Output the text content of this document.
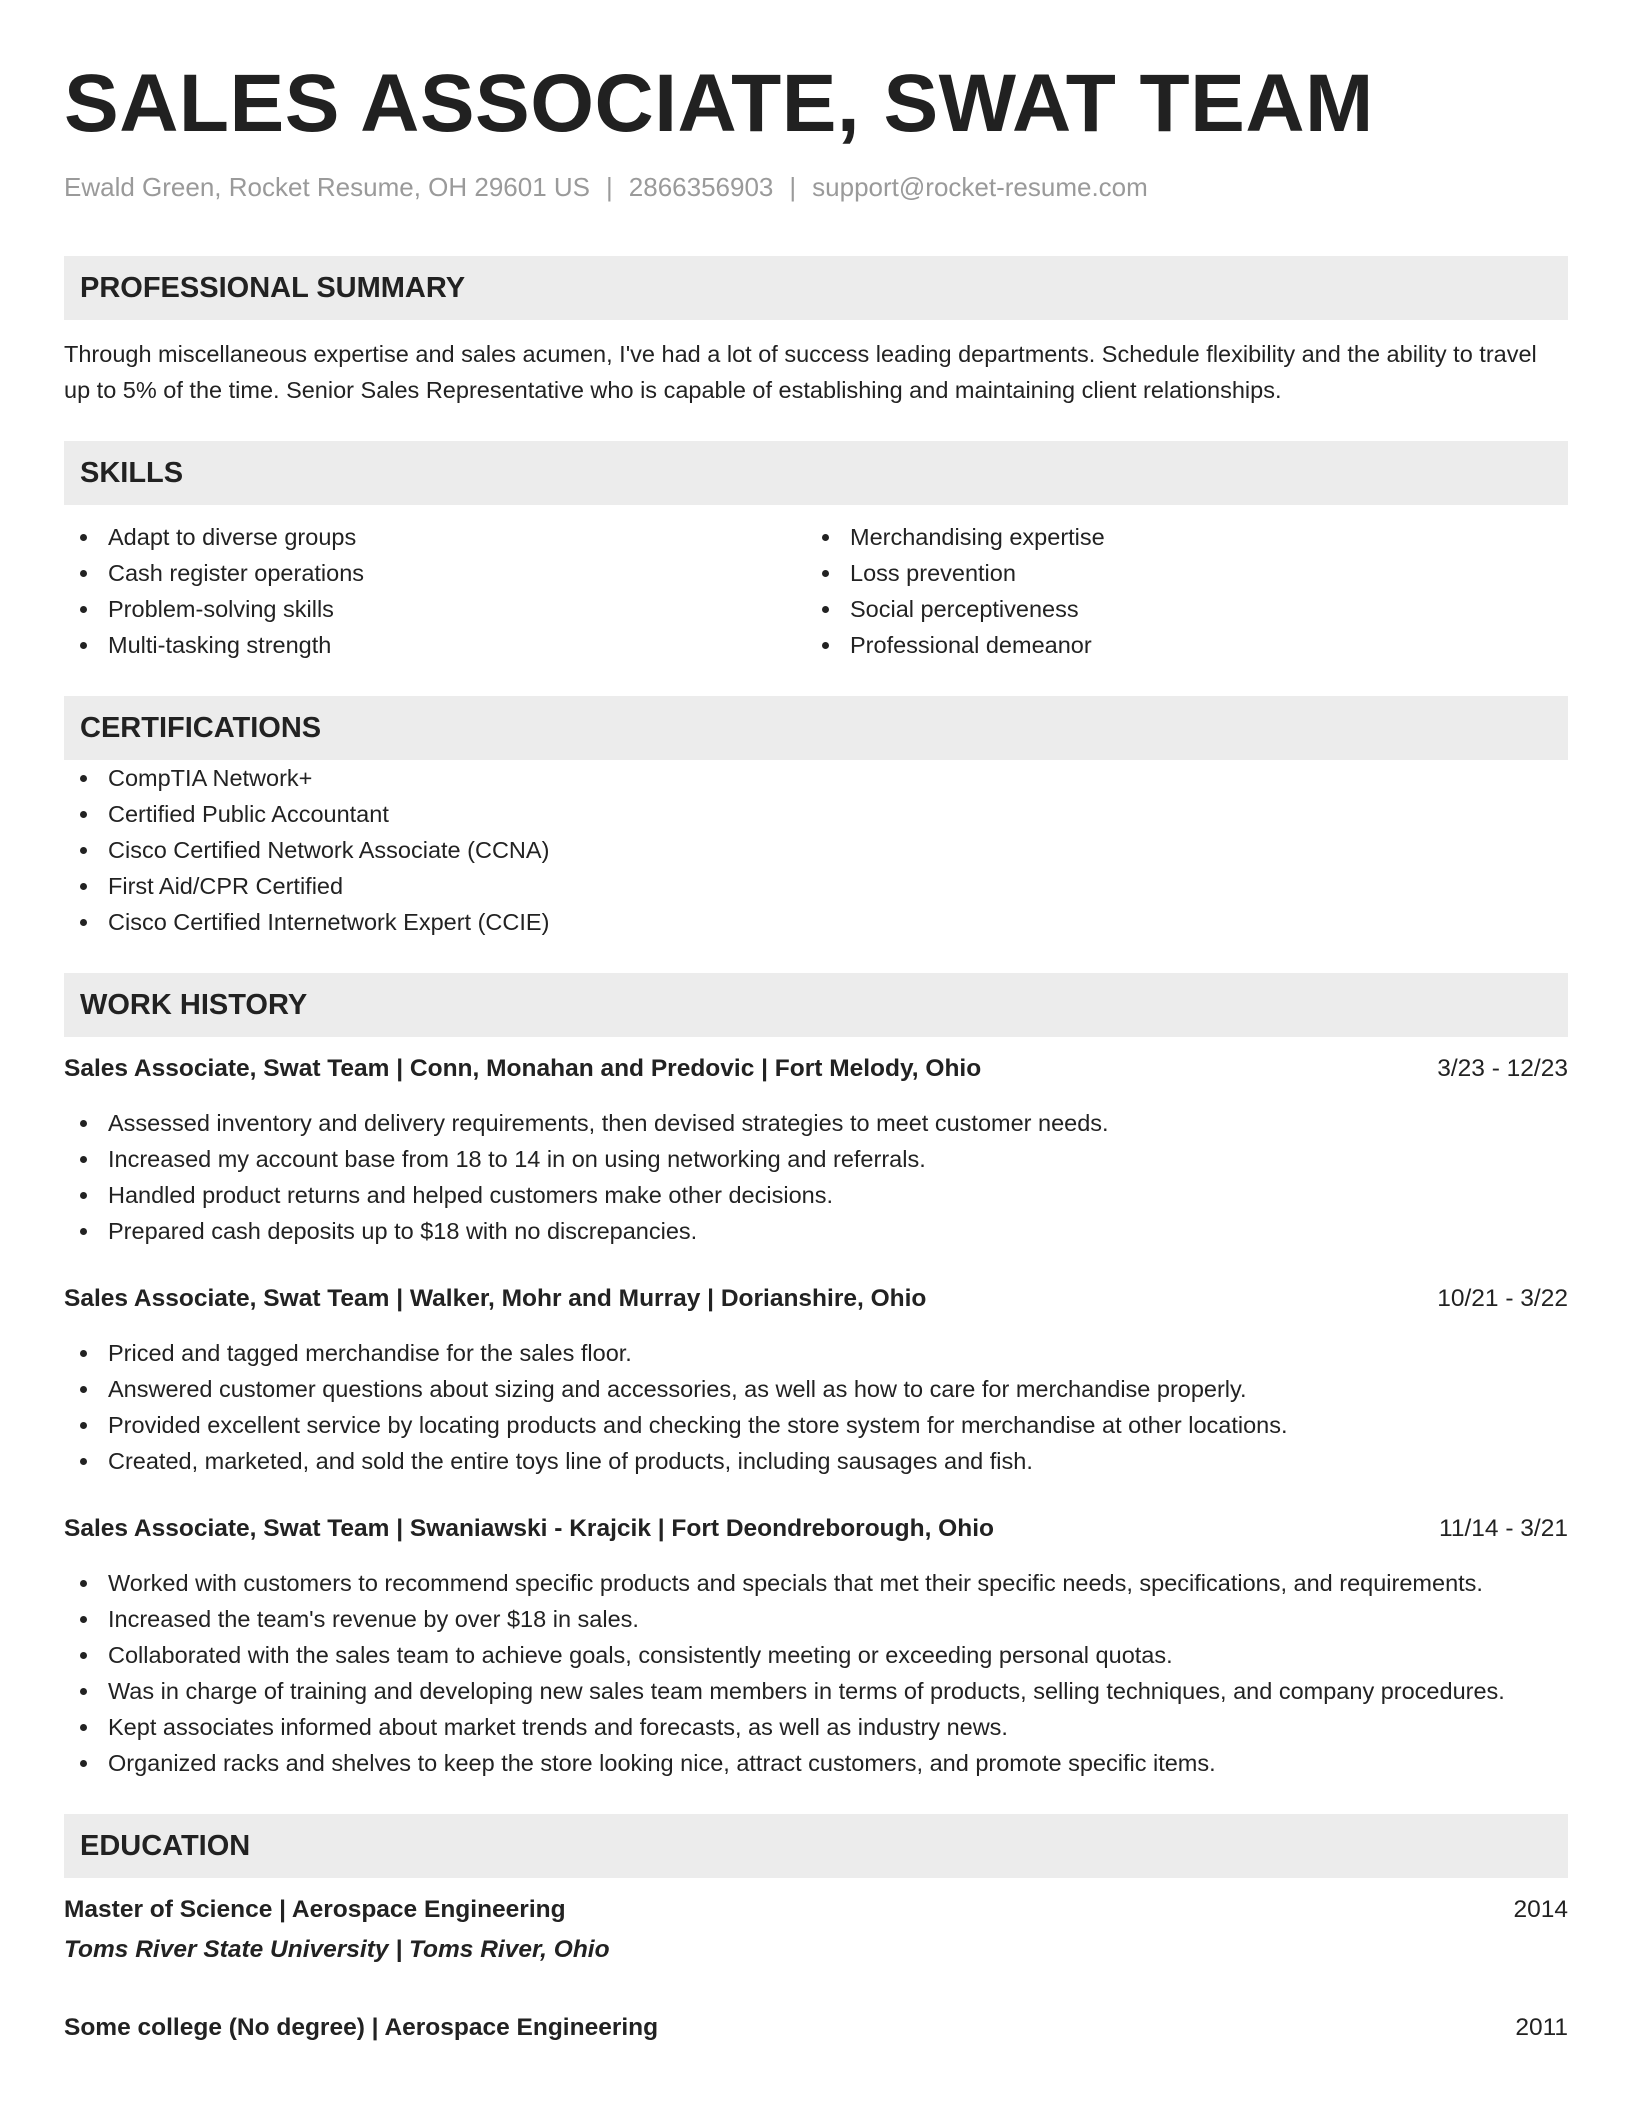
SALES ASSOCIATE, SWAT TEAM
Ewald Green, Rocket Resume, OH 29601 US | 2866356903 | support@rocket-resume.com
PROFESSIONAL SUMMARY
Through miscellaneous expertise and sales acumen, I've had a lot of success leading departments. Schedule flexibility and the ability to travel up to 5% of the time. Senior Sales Representative who is capable of establishing and maintaining client relationships.
SKILLS
Adapt to diverse groups
Cash register operations
Problem-solving skills
Multi-tasking strength
Merchandising expertise
Loss prevention
Social perceptiveness
Professional demeanor
CERTIFICATIONS
CompTIA Network+
Certified Public Accountant
Cisco Certified Network Associate (CCNA)
First Aid/CPR Certified
Cisco Certified Internetwork Expert (CCIE)
WORK HISTORY
Sales Associate, Swat Team | Conn, Monahan and Predovic | Fort Melody, Ohio	3/23 - 12/23
Assessed inventory and delivery requirements, then devised strategies to meet customer needs.
Increased my account base from 18 to 14 in on using networking and referrals.
Handled product returns and helped customers make other decisions.
Prepared cash deposits up to $18 with no discrepancies.
Sales Associate, Swat Team | Walker, Mohr and Murray | Dorianshire, Ohio	10/21 - 3/22
Priced and tagged merchandise for the sales floor.
Answered customer questions about sizing and accessories, as well as how to care for merchandise properly.
Provided excellent service by locating products and checking the store system for merchandise at other locations.
Created, marketed, and sold the entire toys line of products, including sausages and fish.
Sales Associate, Swat Team | Swaniawski - Krajcik | Fort Deondreborough, Ohio	11/14 - 3/21
Worked with customers to recommend specific products and specials that met their specific needs, specifications, and requirements.
Increased the team's revenue by over $18 in sales.
Collaborated with the sales team to achieve goals, consistently meeting or exceeding personal quotas.
Was in charge of training and developing new sales team members in terms of products, selling techniques, and company procedures.
Kept associates informed about market trends and forecasts, as well as industry news.
Organized racks and shelves to keep the store looking nice, attract customers, and promote specific items.
EDUCATION
Master of Science | Aerospace Engineering	2014
Toms River State University | Toms River, Ohio
Some college (No degree) | Aerospace Engineering	2011
